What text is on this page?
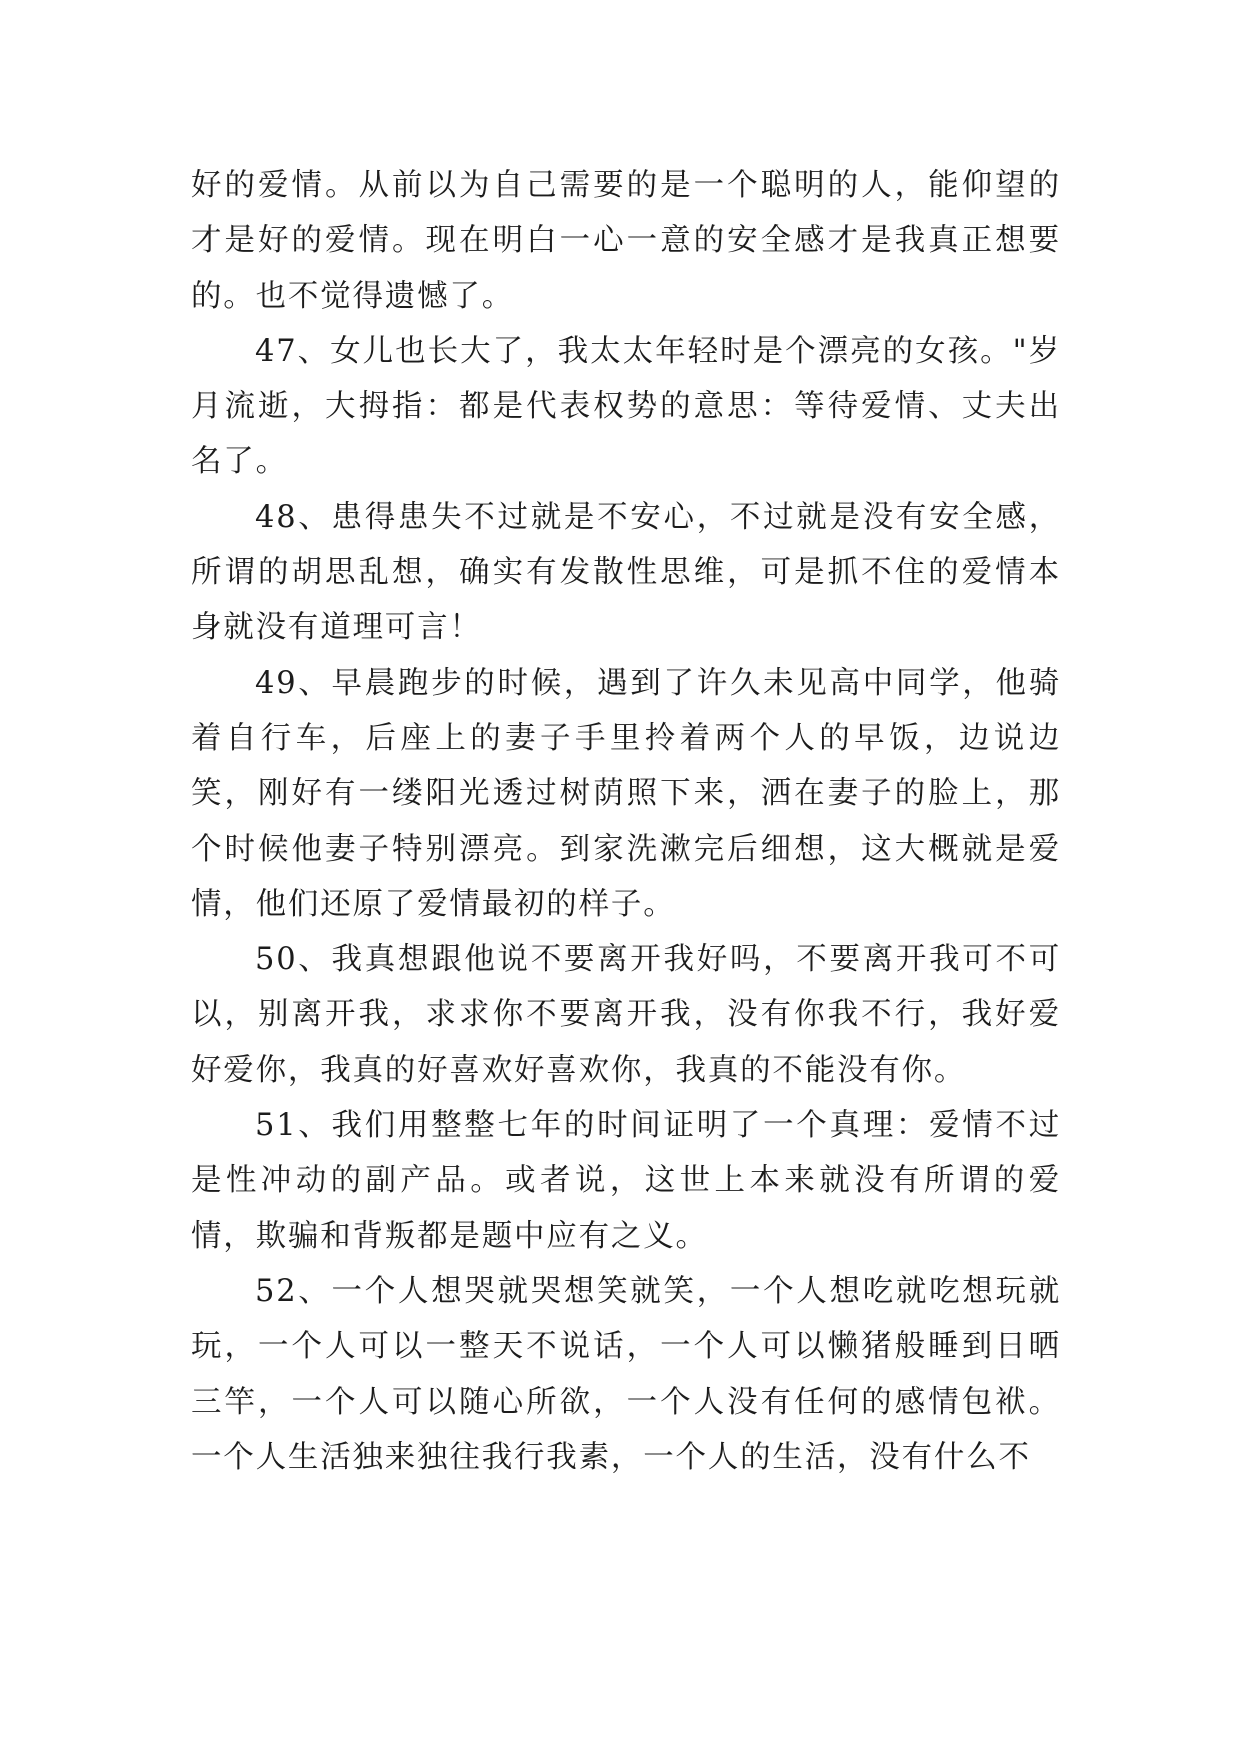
好的爱情。从前以为自己需要的是一个聪明的人，能仰望的才是好的爱情。现在明白一心一意的安全感才是我真正想要的。也不觉得遗憾了。

47、女儿也长大了，我太太年轻时是个漂亮的女孩。"岁月流逝，大拇指：都是代表权势的意思：等待爱情、丈夫出名了。

48、患得患失不过就是不安心，不过就是没有安全感，所谓的胡思乱想，确实有发散性思维，可是抓不住的爱情本身就没有道理可言！

49、早晨跑步的时候，遇到了许久未见高中同学，他骑着自行车，后座上的妻子手里拎着两个人的早饭，边说边笑，刚好有一缕阳光透过树荫照下来，洒在妻子的脸上，那个时候他妻子特别漂亮。到家洗漱完后细想，这大概就是爱情，他们还原了爱情最初的样子。

50、我真想跟他说不要离开我好吗，不要离开我可不可以，别离开我，求求你不要离开我，没有你我不行，我好爱好爱你，我真的好喜欢好喜欢你，我真的不能没有你。

51、我们用整整七年的时间证明了一个真理：爱情不过是性冲动的副产品。或者说，这世上本来就没有所谓的爱情，欺骗和背叛都是题中应有之义。

52、一个人想哭就哭想笑就笑，一个人想吃就吃想玩就玩，一个人可以一整天不说话，一个人可以懒猪般睡到日晒三竿，一个人可以随心所欲，一个人没有任何的感情包袱。一个人生活独来独往我行我素，一个人的生活，没有什么不
